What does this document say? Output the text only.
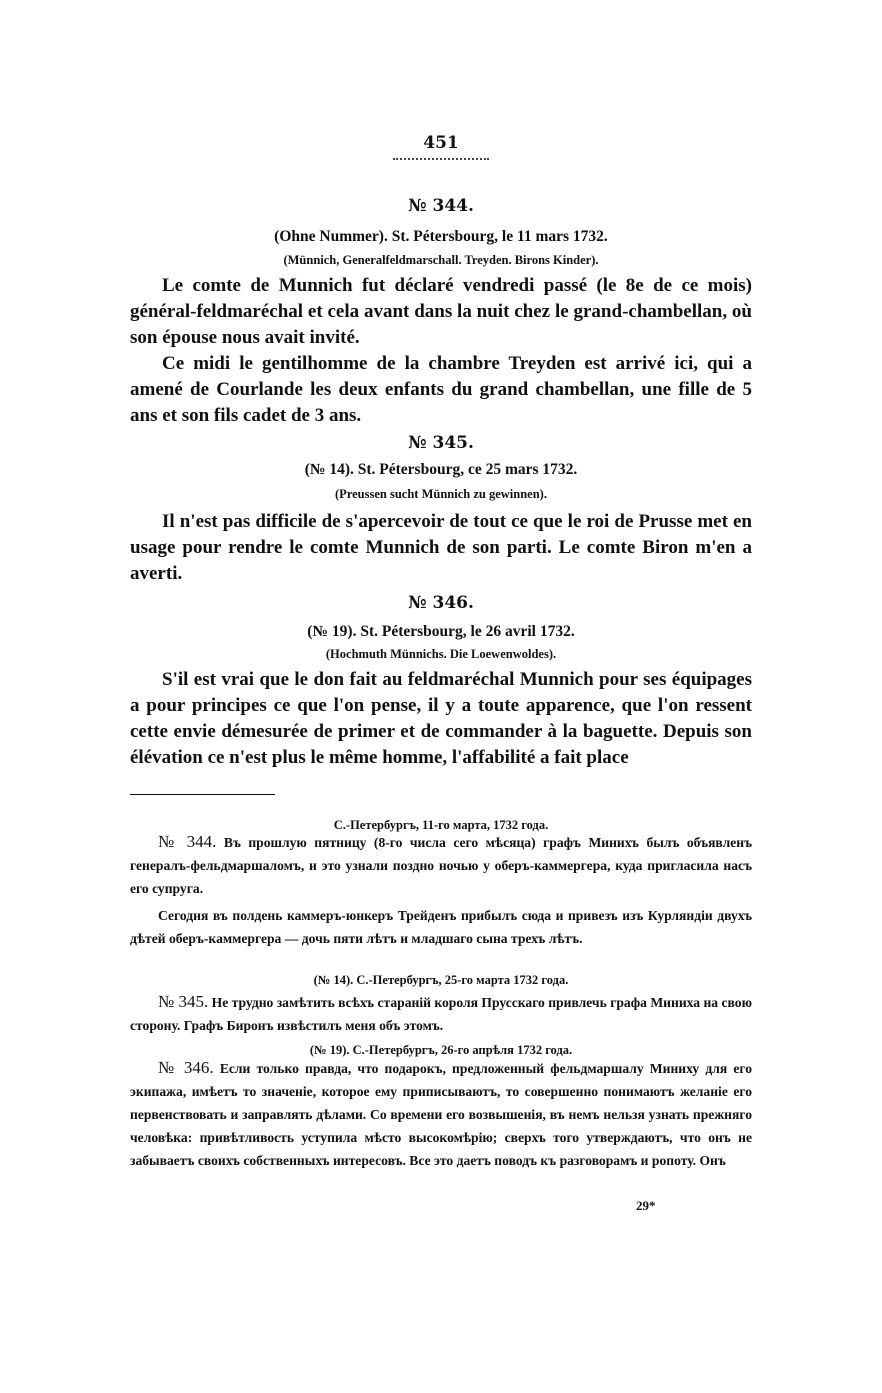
451
№ 344.
(Ohne Nummer). St. Pétersbourg, le 11 mars 1732.
(Münnich, Generalfeldmarschall. Treyden. Birons Kinder).

Le comte de Munnich fut déclaré vendredi passé (le 8e de ce mois) général-feldmaréchal et cela avant dans la nuit chez le grand-chambellan, où son épouse nous avait invité.

Ce midi le gentilhomme de la chambre Treyden est arrivé ici, qui a amené de Courlande les deux enfants du grand chambellan, une fille de 5 ans et son fils cadet de 3 ans.

№ 345.
(№ 14). St. Pétersbourg, ce 25 mars 1732.
(Preussen sucht Münnich zu gewinnen).

Il n'est pas difficile de s'apercevoir de tout ce que le roi de Prusse met en usage pour rendre le comte Munnich de son parti. Le comte Biron m'en a averti.

№ 346.
(№ 19). St. Pétersbourg, le 26 avril 1732.
(Hochmuth Münnichs. Die Loewenwoldes).

S'il est vrai que le don fait au feldmaréchal Munnich pour ses équipages a pour principes ce que l'on pense, il y a toute apparence, que l'on ressent cette envie démesurée de primer et de commander à la baguette. Depuis son élévation ce n'est plus le même homme, l'affabilité a fait place

С.-Петербургъ, 11-го марта, 1732 года.

№ 344. Въ прошлую пятницу (8-го числа сего мѣсяца) графъ Минихъ былъ объявленъ генералъ-фельдмаршаломъ, и это узнали поздно ночью у оберъ-каммергера, куда пригласила насъ его супруга.

Сегодня въ полдень каммеръ-юнкеръ Трейденъ прибылъ сюда и привезъ изъ Курляндіи двухъ дѣтей оберъ-каммергера — дочь пяти лѣтъ и младшаго сына трехъ лѣтъ.

(№ 14). С.-Петербургъ, 25-го марта 1732 года.

№ 345. Не трудно замѣтить всѣхъ стараній короля Прусскаго привлечь графа Миниха на свою сторону. Графъ Биронъ извѣстилъ меня объ этомъ.

(№ 19). С.-Петербургъ, 26-го апрѣля 1732 года.

№ 346. Если только правда, что подарокъ, предложенный фельдмаршалу Миниху для его экипажа, имѣетъ то значеніе, которое ему приписываютъ, то совершенно понимаютъ желаніе его первенствовать и заправлять дѣлами. Со времени его возвышенія, въ немъ нельзя узнать прежняго человѣка: привѣтливость уступила мѣсто высокомѣрію; сверхъ того утверждаютъ, что онъ не забываетъ своихъ собственныхъ интересовъ. Все это даетъ поводъ къ разговорамъ и ропоту. Онъ

29*
